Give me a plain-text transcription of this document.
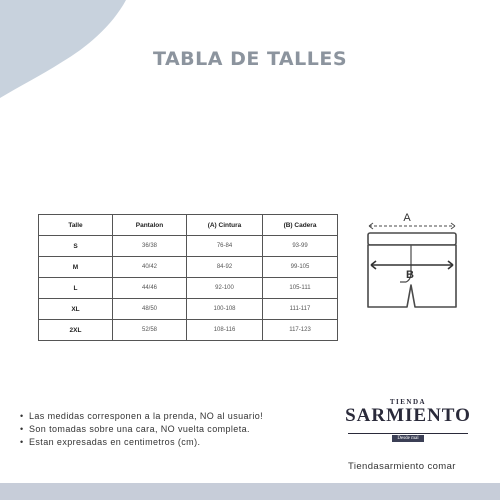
TABLA DE TALLES
Talle	Pantalon	(A) Cintura	(B) Cadera
S	36/38	76-84	93-99
M	40/42	84-92	99-105
L	44/46	92-100	105-111
XL	48/50	100-108	111-117
2XL	52/58	108-116	117-123
A
B
• Las medidas corresponen a la prenda, NO al usuario!
• Son tomadas sobre una cara, NO vuelta completa.
• Estan expresadas en centimetros (cm).
TIENDA
SARMIENTO
Desde mal
Tiendasarmiento comar
